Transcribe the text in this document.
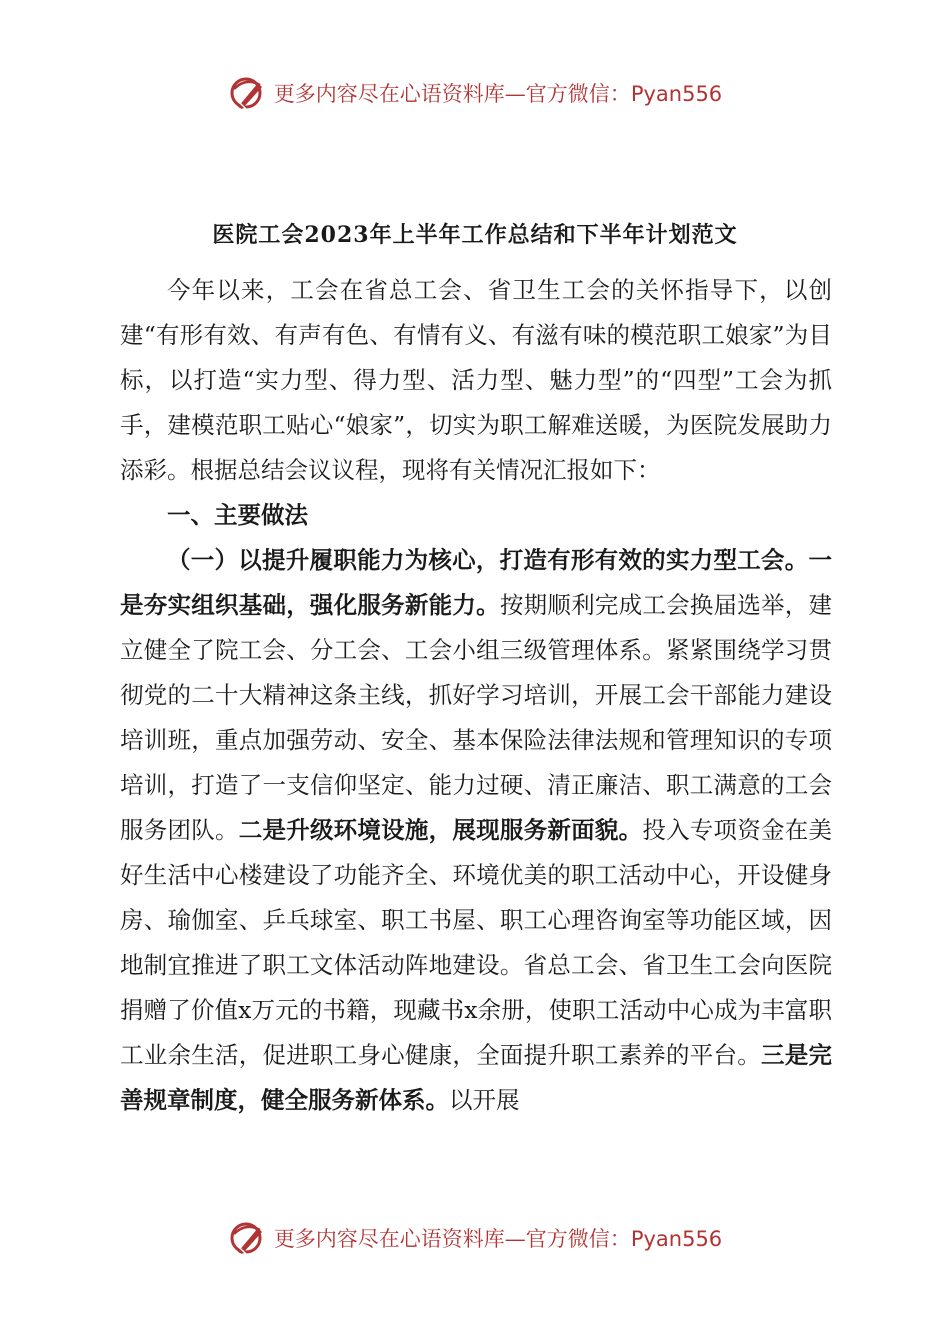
更多内容尽在心语资料库—官方微信：Pyan556
医院工会2023年上半年工作总结和下半年计划范文

今年以来，工会在省总工会、省卫生工会的关怀指导下，以创建“有形有效、有声有色、有情有义、有滋有味的模范职工娘家”为目标，以打造“实力型、得力型、活力型、魅力型”的“四型”工会为抓手，建模范职工贴心“娘家”，切实为职工解难送暖，为医院发展助力添彩。根据总结会议议程，现将有关情况汇报如下：

一、主要做法

（一）以提升履职能力为核心，打造有形有效的实力型工会。一是夯实组织基础，强化服务新能力。按期顺利完成工会换届选举，建立健全了院工会、分工会、工会小组三级管理体系。紧紧围绕学习贯彻党的二十大精神这条主线，抓好学习培训，开展工会干部能力建设培训班，重点加强劳动、安全、基本保险法律法规和管理知识的专项培训，打造了一支信仰坚定、能力过硬、清正廉洁、职工满意的工会服务团队。二是升级环境设施，展现服务新面貌。投入专项资金在美好生活中心楼建设了功能齐全、环境优美的职工活动中心，开设健身房、瑜伽室、乒乓球室、职工书屋、职工心理咨询室等功能区域，因地制宜推进了职工文体活动阵地建设。省总工会、省卫生工会向医院捐赠了价值x万元的书籍，现藏书x余册，使职工活动中心成为丰富职工业余生活，促进职工身心健康，全面提升职工素养的平台。三是完善规章制度，健全服务新体系。以开展

更多内容尽在心语资料库—官方微信：Pyan556
